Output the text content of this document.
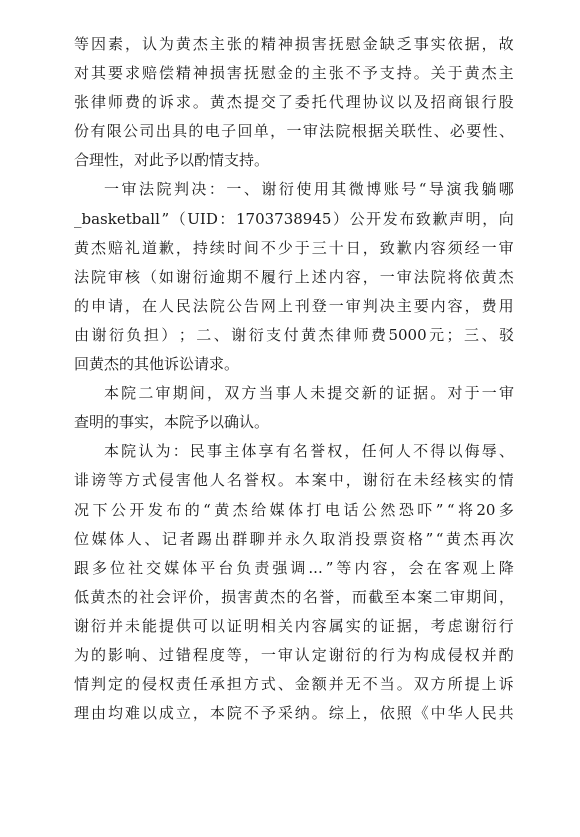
等 因 素 ， 认 为 黄 杰 主 张 的 精 神 损 害 抚 慰 金 缺 乏 事 实 依 据 ， 故
对 其 要 求 赔 偿 精 神 损 害 抚 慰 金 的 主 张 不 予 支 持 。 关 于 黄 杰 主
张 律 师 费 的 诉 求 。 黄 杰 提 交 了 委 托 代 理 协 议 以 及 招 商 银 行 股
份 有 限 公 司 出 具 的 电 子 回 单 ， 一 审 法 院 根 据 关 联 性 、 必 要 性 、
合理性，对此予以酌情支持。
一 审 法 院 判 决 ： 一 、 谢 衍 使 用 其 微 博 账 号 “ 导 演 我 躺 哪
_basketball ” （ UID ： 1703738945 ） 公 开 发 布 致 歉 声 明 ， 向
黄 杰 赔 礼 道 歉 ， 持 续 时 间 不 少 于 三 十 日 ， 致 歉 内 容 须 经 一 审
法 院 审 核 （ 如 谢 衍 逾 期 不 履 行 上 述 内 容 ， 一 审 法 院 将 依 黄 杰
的 申 请 ， 在 人 民 法 院 公 告 网 上 刊 登 一 审 判 决 主 要 内 容 ， 费 用
由 谢 衍 负 担 ） ； 二 、 谢 衍 支 付 黄 杰 律 师 费 5000 元 ； 三 、 驳
回黄杰的其他诉讼请求。
本 院 二 审 期 间 ， 双 方 当 事 人 未 提 交 新 的 证 据 。 对 于 一 审
查明的事实，本院予以确认。
本 院 认 为 ： 民 事 主 体 享 有 名 誉 权 ， 任 何 人 不 得 以 侮 辱 、
诽 谤 等 方 式 侵 害 他 人 名 誉 权 。 本 案 中 ， 谢 衍 在 未 经 核 实 的 情
况 下 公 开 发 布 的 “ 黄 杰 给 媒 体 打 电 话 公 然 恐 吓 ” “ 将 20 多
位 媒 体 人 、 记 者 踢 出 群 聊 并 永 久 取 消 投 票 资 格 ” “ 黄 杰 再 次
跟 多 位 社 交 媒 体 平 台 负 责 强 调 ... ” 等 内 容 ， 会 在 客 观 上 降
低 黄 杰 的 社 会 评 价 ， 损 害 黄 杰 的 名 誉 ， 而 截 至 本 案 二 审 期 间 ，
谢 衍 并 未 能 提 供 可 以 证 明 相 关 内 容 属 实 的 证 据 ， 考 虑 谢 衍 行
为 的 影 响 、 过 错 程 度 等 ， 一 审 认 定 谢 衍 的 行 为 构 成 侵 权 并 酌
情 判 定 的 侵 权 责 任 承 担 方 式 、 金 额 并 无 不 当 。 双 方 所 提 上 诉
理 由 均 难 以 成 立 ， 本 院 不 予 采 纳 。 综 上 ， 依 照 《 中 华 人 民 共
